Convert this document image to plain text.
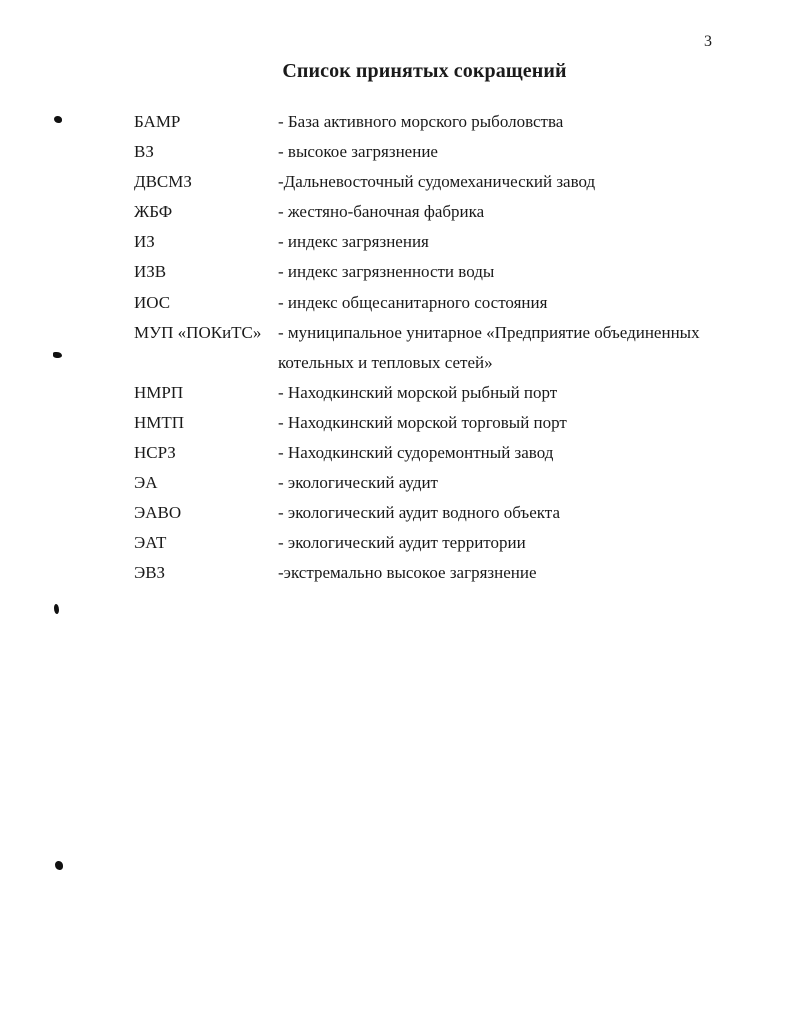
3
Список принятых сокращений
БАМР	- База активного морского рыболовства
ВЗ	- высокое загрязнение
ДВСМЗ	-Дальневосточный судомеханический завод
ЖБФ	- жестяно-баночная фабрика
ИЗ	- индекс загрязнения
ИЗВ	- индекс загрязненности воды
ИОС	- индекс общесанитарного состояния
МУП «ПОКиТС» - муниципальное унитарное «Предприятие объединенных котельных и тепловых сетей»
НМРП	- Находкинский морской рыбный порт
НМТП	- Находкинский морской торговый порт
НСРЗ	- Находкинский судоремонтный завод
ЭА	- экологический аудит
ЭАВО	- экологический аудит водного объекта
ЭАТ	- экологический аудит территории
ЭВЗ	-экстремально высокое загрязнение
